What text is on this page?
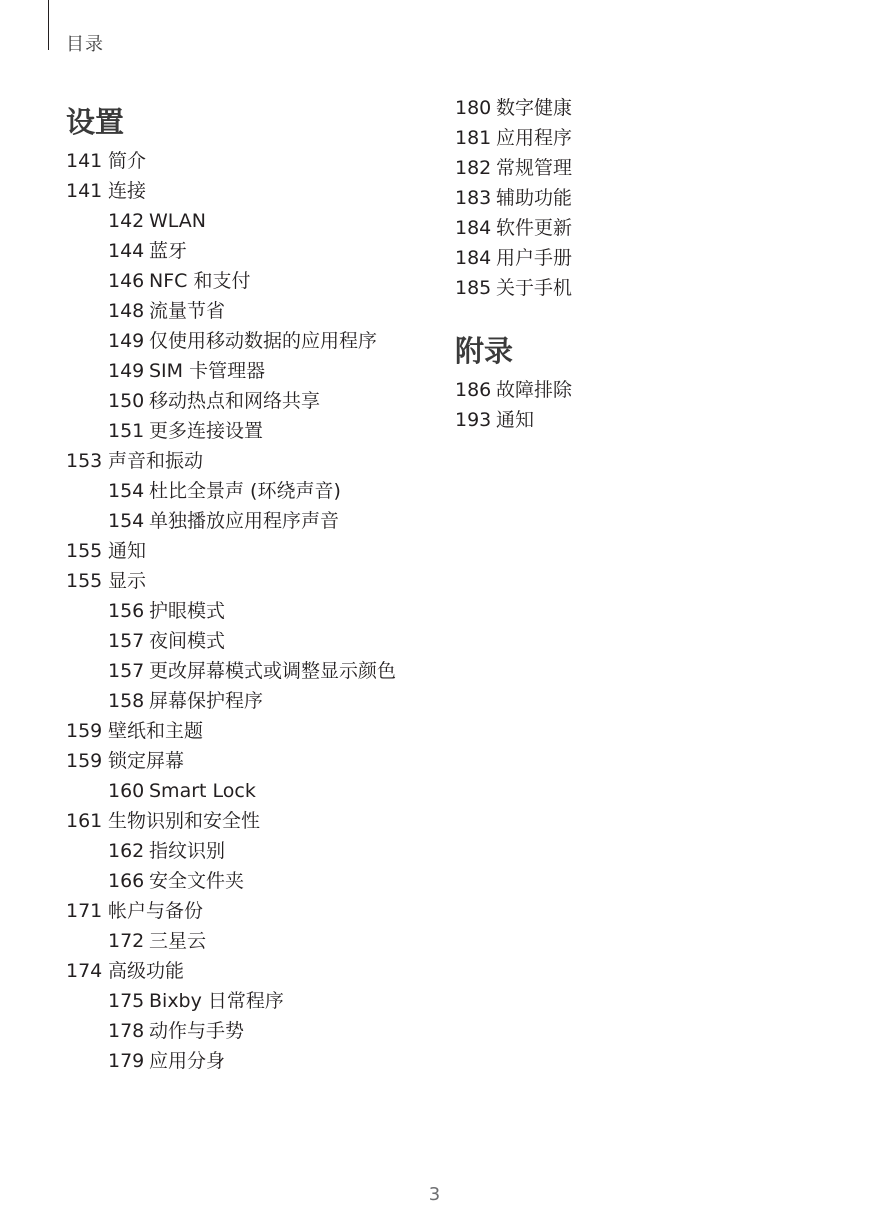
目录
设置
141 简介
141 连接
142 WLAN
144 蓝牙
146 NFC 和支付
148 流量节省
149 仅使用移动数据的应用程序
149 SIM 卡管理器
150 移动热点和网络共享
151 更多连接设置
153 声音和振动
154 杜比全景声 (环绕声音)
154 单独播放应用程序声音
155 通知
155 显示
156 护眼模式
157 夜间模式
157 更改屏幕模式或调整显示颜色
158 屏幕保护程序
159 壁纸和主题
159 锁定屏幕
160 Smart Lock
161 生物识别和安全性
162 指纹识别
166 安全文件夹
171 帐户与备份
172 三星云
174 高级功能
175 Bixby 日常程序
178 动作与手势
179 应用分身
180 数字健康
181 应用程序
182 常规管理
183 辅助功能
184 软件更新
184 用户手册
185 关于手机
附录
186 故障排除
193 通知
3
